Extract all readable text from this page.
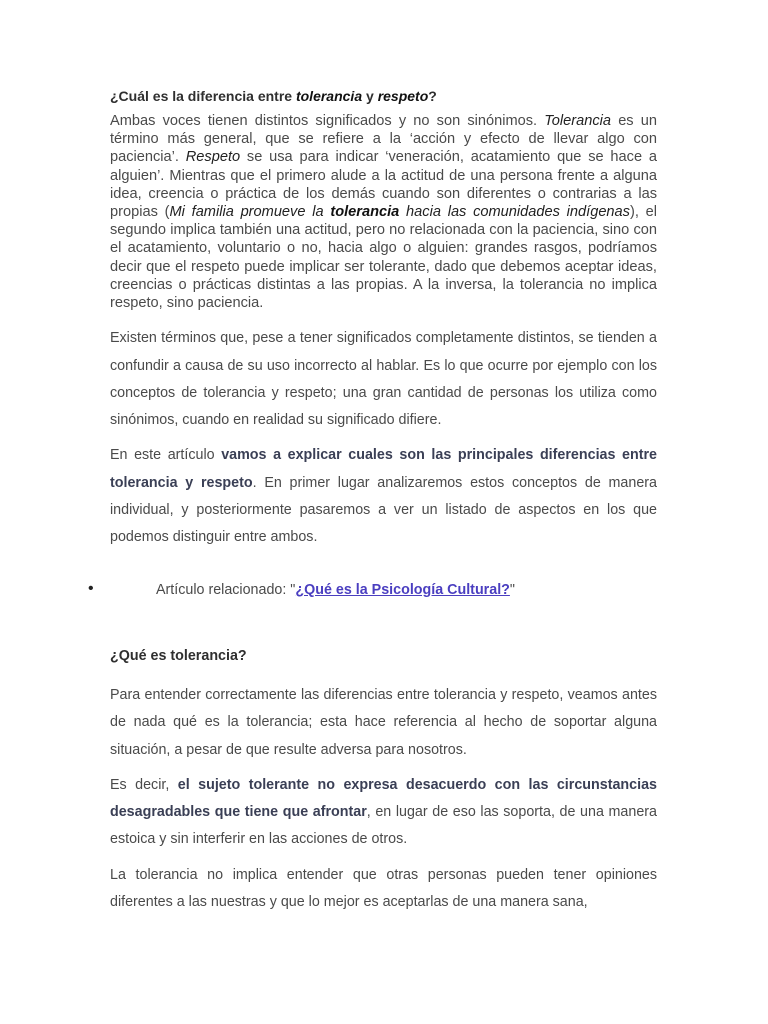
¿Cuál es la diferencia entre tolerancia y respeto?

Ambas voces tienen distintos significados y no son sinónimos. Tolerancia es un término más general, que se refiere a la ‘acción y efecto de llevar algo con paciencia’. Respeto se usa para indicar ‘veneración, acatamiento que se hace a alguien’. Mientras que el primero alude a la actitud de una persona frente a alguna idea, creencia o práctica de los demás cuando son diferentes o contrarias a las propias (Mi familia promueve la tolerancia hacia las comunidades indígenas), el segundo implica también una actitud, pero no relacionada con la paciencia, sino con el acatamiento, voluntario o no, hacia algo o alguien: grandes rasgos, podríamos decir que el respeto puede implicar ser tolerante, dado que debemos aceptar ideas, creencias o prácticas distintas a las propias. A la inversa, la tolerancia no implica respeto, sino paciencia.

Existen términos que, pese a tener significados completamente distintos, se tienden a confundir a causa de su uso incorrecto al hablar. Es lo que ocurre por ejemplo con los conceptos de tolerancia y respeto; una gran cantidad de personas los utiliza como sinónimos, cuando en realidad su significado difiere.

En este artículo vamos a explicar cuales son las principales diferencias entre tolerancia y respeto. En primer lugar analizaremos estos conceptos de manera individual, y posteriormente pasaremos a ver un listado de aspectos en los que podemos distinguir entre ambos.

•	Artículo relacionado: "¿Qué es la Psicología Cultural?"
¿Qué es tolerancia?

Para entender correctamente las diferencias entre tolerancia y respeto, veamos antes de nada qué es la tolerancia; esta hace referencia al hecho de soportar alguna situación, a pesar de que resulte adversa para nosotros.

Es decir, el sujeto tolerante no expresa desacuerdo con las circunstancias desagradables que tiene que afrontar, en lugar de eso las soporta, de una manera estoica y sin interferir en las acciones de otros.

La tolerancia no implica entender que otras personas pueden tener opiniones diferentes a las nuestras y que lo mejor es aceptarlas de una manera sana,
